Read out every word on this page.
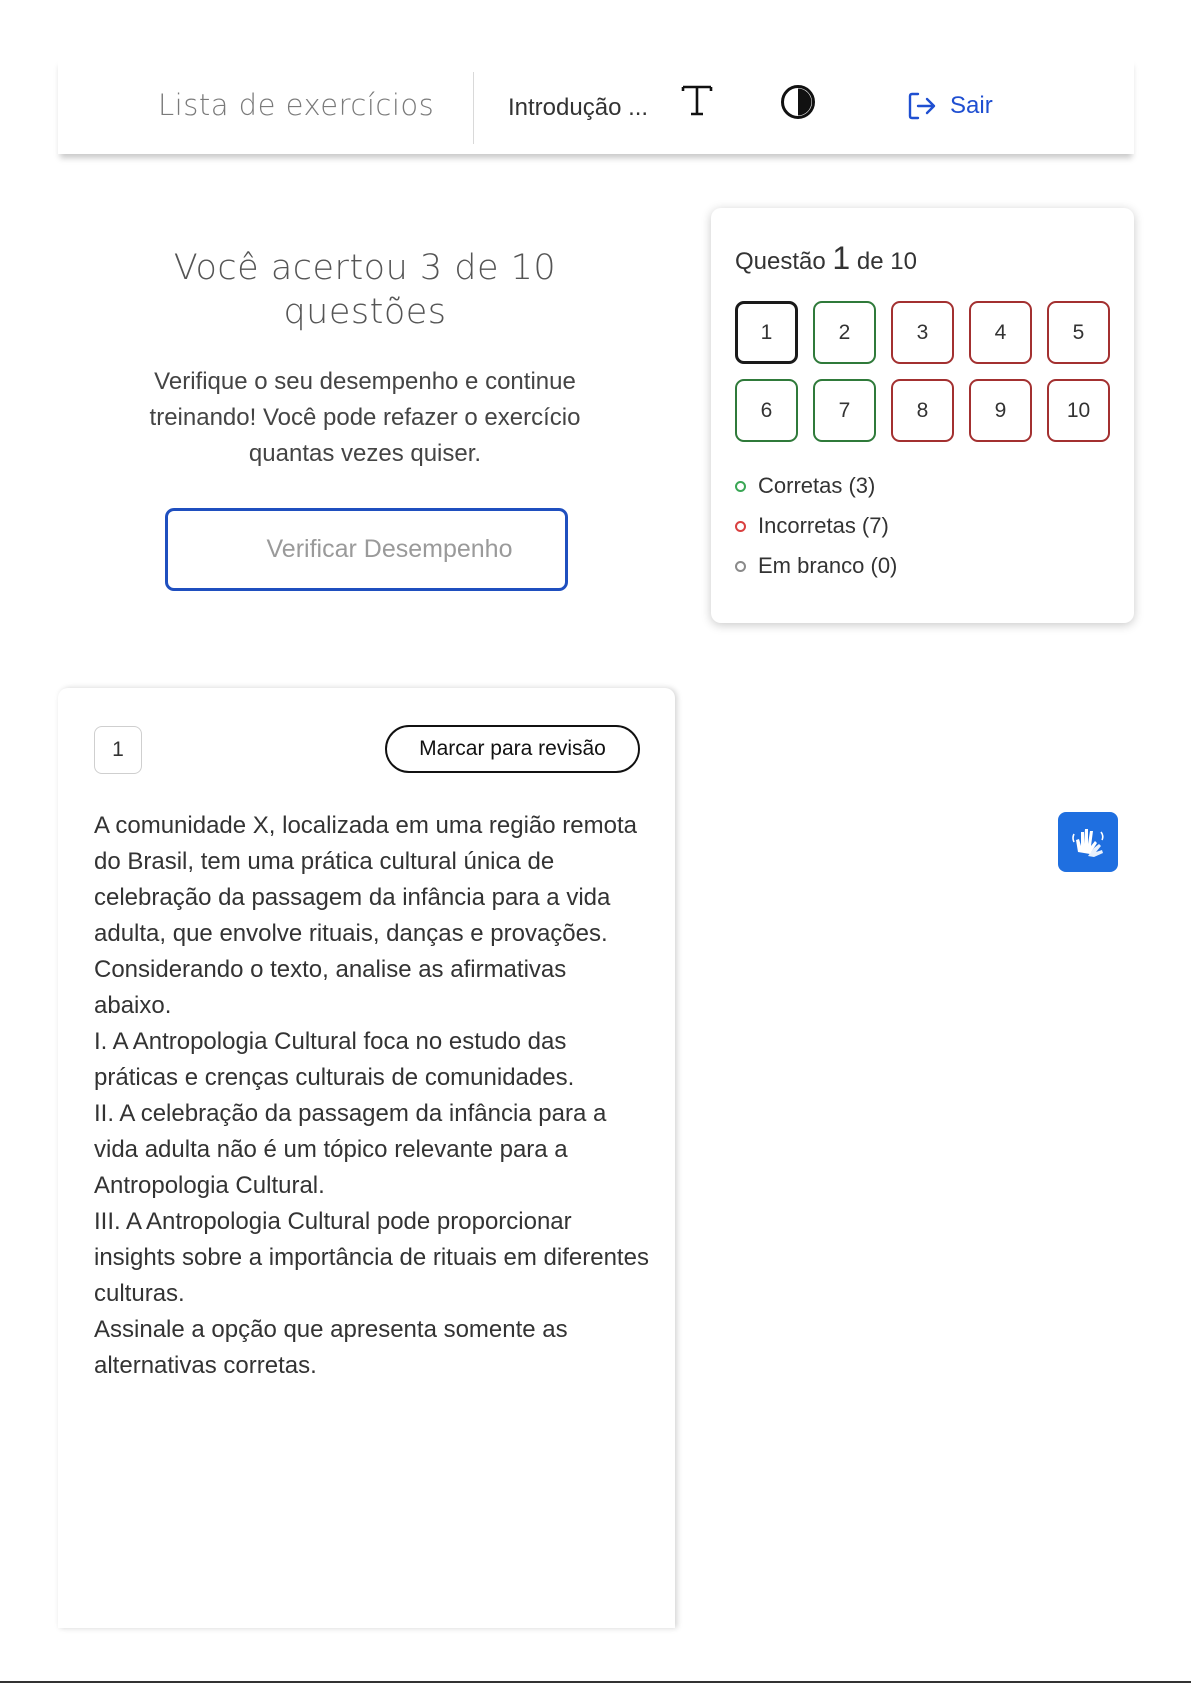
Lista de exercícios	Introdução ...	Sair
Você acertou 3 de 10 questões
Verifique o seu desempenho e continue treinando! Você pode refazer o exercício quantas vezes quiser.
Verificar Desempenho
Questão 1 de 10
1	2	3	4	5
6	7	8	9	10
Corretas (3)
Incorretas (7)
Em branco (0)
1	Marcar para revisão

A comunidade X, localizada em uma região remota do Brasil, tem uma prática cultural única de celebração da passagem da infância para a vida adulta, que envolve rituais, danças e provações.

Considerando o texto, analise as afirmativas abaixo.

I. A Antropologia Cultural foca no estudo das práticas e crenças culturais de comunidades.

II. A celebração da passagem da infância para a vida adulta não é um tópico relevante para a Antropologia Cultural.

III. A Antropologia Cultural pode proporcionar insights sobre a importância de rituais em diferentes culturas.

Assinale a opção que apresenta somente as alternativas corretas.
